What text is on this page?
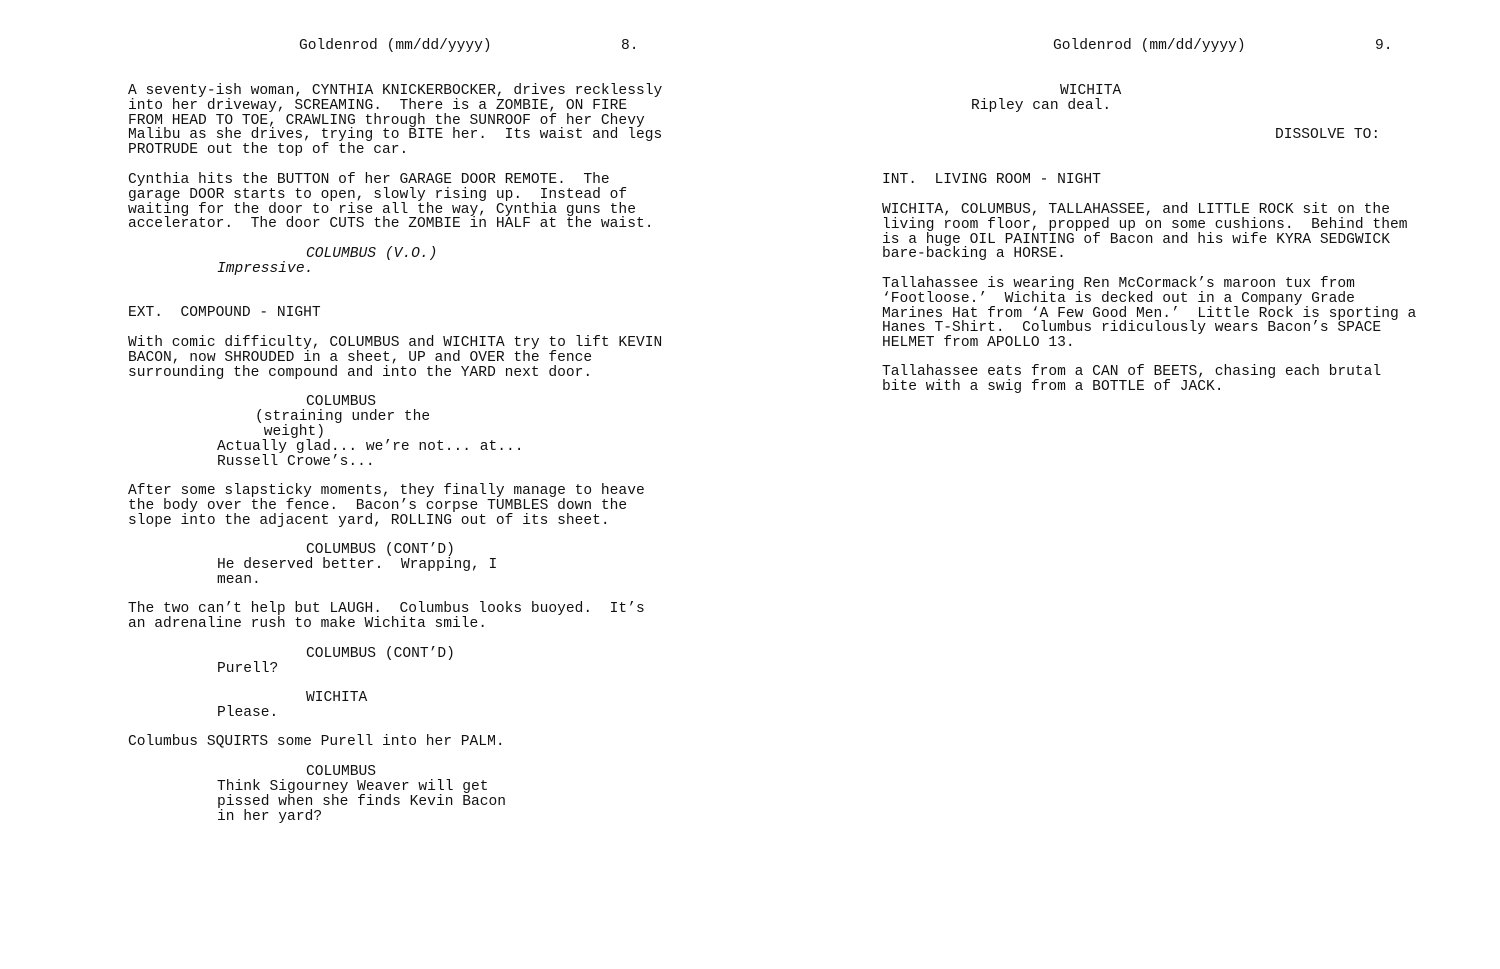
Goldenrod (mm/dd/yyyy)	8.
A seventy-ish woman, CYNTHIA KNICKERBOCKER, drives recklessly
into her driveway, SCREAMING.  There is a ZOMBIE, ON FIRE
FROM HEAD TO TOE, CRAWLING through the SUNROOF of her Chevy
Malibu as she drives, trying to BITE her.  Its waist and legs
PROTRUDE out the top of the car.
Cynthia hits the BUTTON of her GARAGE DOOR REMOTE.  The
garage DOOR starts to open, slowly rising up.  Instead of
waiting for the door to rise all the way, Cynthia guns the
accelerator.  The door CUTS the ZOMBIE in HALF at the waist.
COLUMBUS (V.O.)
Impressive.
EXT.  COMPOUND - NIGHT
With comic difficulty, COLUMBUS and WICHITA try to lift KEVIN
BACON, now SHROUDED in a sheet, UP and OVER the fence
surrounding the compound and into the YARD next door.
COLUMBUS
(straining under the
weight)
Actually glad... we’re not... at...
Russell Crowe’s...
After some slapsticky moments, they finally manage to heave
the body over the fence.  Bacon’s corpse TUMBLES down the
slope into the adjacent yard, ROLLING out of its sheet.
COLUMBUS (CONT’D)
He deserved better.  Wrapping, I
mean.
The two can’t help but LAUGH.  Columbus looks buoyed.  It’s
an adrenaline rush to make Wichita smile.
COLUMBUS (CONT’D)
Purell?
WICHITA
Please.
Columbus SQUIRTS some Purell into her PALM.
COLUMBUS
Think Sigourney Weaver will get
pissed when she finds Kevin Bacon
in her yard?
Goldenrod (mm/dd/yyyy)	9.
WICHITA
Ripley can deal.
DISSOLVE TO:
INT.  LIVING ROOM - NIGHT
WICHITA, COLUMBUS, TALLAHASSEE, and LITTLE ROCK sit on the
living room floor, propped up on some cushions.  Behind them
is a huge OIL PAINTING of Bacon and his wife KYRA SEDGWICK
bare-backing a HORSE.
Tallahassee is wearing Ren McCormack’s maroon tux from
‘Footloose.’  Wichita is decked out in a Company Grade
Marines Hat from ‘A Few Good Men.’  Little Rock is sporting a
Hanes T-Shirt.  Columbus ridiculously wears Bacon’s SPACE
HELMET from APOLLO 13.
Tallahassee eats from a CAN of BEETS, chasing each brutal
bite with a swig from a BOTTLE of JACK.
